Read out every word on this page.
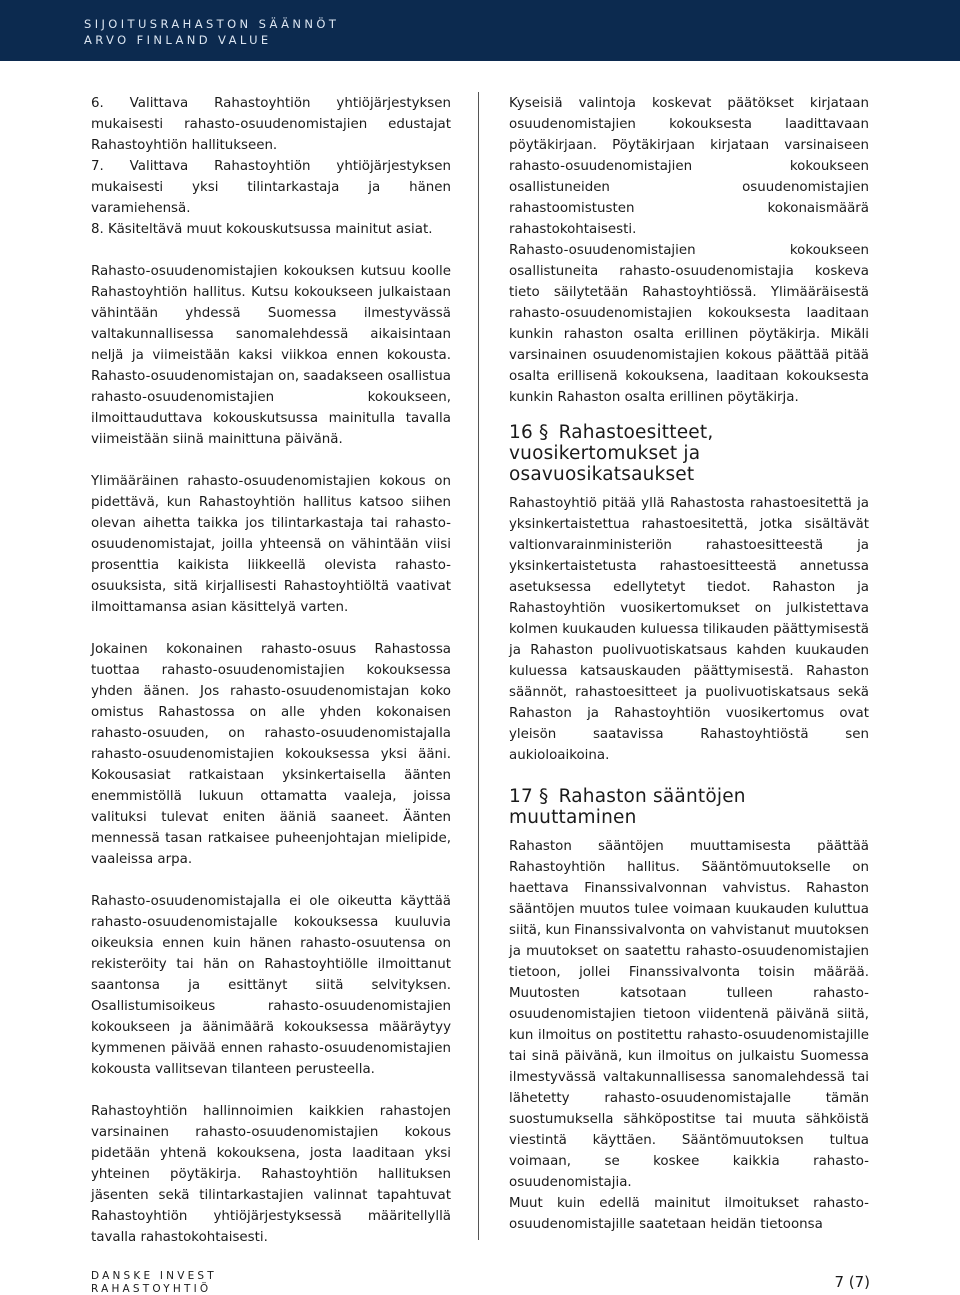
SIJOITUSRAHASTON SÄÄNNÖT
ARVO FINLAND VALUE

6. Valittava Rahastoyhtiön yhtiöjärjestyksen mukaisesti rahasto-osuudenomistajien edustajat Rahastoyhtiön hallitukseen.

7. Valittava Rahastoyhtiön yhtiöjärjestyksen mukaisesti yksi tilintarkastaja ja hänen varamiehensä.

8. Käsiteltävä muut kokouskutsussa mainitut asiat.

Rahasto-osuudenomistajien kokouksen kutsuu koolle Rahastoyhtiön hallitus. Kutsu kokoukseen julkaistaan vähintään yhdessä Suomessa ilmestyvässä valtakunnallisessa sanomalehdessä aikaisintaan neljä ja viimeistään kaksi viikkoa ennen kokousta. Rahasto-osuudenomistajan on, saadakseen osallistua rahasto-osuudenomistajien kokoukseen, ilmoittauduttava kokouskutsussa mainitulla tavalla viimeistään siinä mainittuna päivänä.

Ylimääräinen rahasto-osuudenomistajien kokous on pidettävä, kun Rahastoyhtiön hallitus katsoo siihen olevan aihetta taikka jos tilintarkastaja tai rahasto-osuudenomistajat, joilla yhteensä on vähintään viisi prosenttia kaikista liikkeellä olevista rahasto-osuuksista, sitä kirjallisesti Rahastoyhtiöltä vaativat ilmoittamansa asian käsittelyä varten.

Jokainen kokonainen rahasto-osuus Rahastossa tuottaa rahasto-osuudenomistajien kokouksessa yhden äänen. Jos rahasto-osuudenomistajan koko omistus Rahastossa on alle yhden kokonaisen rahasto-osuuden, on rahasto-osuudenomistajalla rahasto-osuudenomistajien kokouksessa yksi ääni. Kokousasiat ratkaistaan yksinkertaisella äänten enemmistöllä lukuun ottamatta vaaleja, joissa valituksi tulevat eniten ääniä saaneet. Äänten mennessä tasan ratkaisee puheenjohtajan mielipide, vaaleissa arpa.

Rahasto-osuudenomistajalla ei ole oikeutta käyttää rahasto-osuudenomistajalle kokouksessa kuuluvia oikeuksia ennen kuin hänen rahasto-osuutensa on rekisteröity tai hän on Rahastoyhtiölle ilmoittanut saantonsa ja esittänyt siitä selvityksen. Osallistumisoikeus rahasto-osuudenomistajien kokoukseen ja äänimäärä kokouksessa määräytyy kymmenen päivää ennen rahasto-osuudenomistajien kokousta vallitsevan tilanteen perusteella.

Rahastoyhtiön hallinnoimien kaikkien rahastojen varsinainen rahasto-osuudenomistajien kokous pidetään yhtenä kokouksena, josta laaditaan yksi yhteinen pöytäkirja. Rahastoyhtiön hallituksen jäsenten sekä tilintarkastajien valinnat tapahtuvat Rahastoyhtiön yhtiöjärjestyksessä määritellyllä tavalla rahastokohtaisesti.

Kyseisiä valintoja koskevat päätökset kirjataan osuudenomistajien kokouksesta laadittavaan pöytäkirjaan. Pöytäkirjaan kirjataan varsinaiseen rahasto-osuudenomistajien kokoukseen osallistuneiden osuudenomistajien rahastoomistusten kokonaismäärä rahastokohtaisesti.

Rahasto-osuudenomistajien kokoukseen osallistuneita rahasto-osuudenomistajia koskeva tieto säilytetään Rahastoyhtiössä. Ylimääräisestä rahasto-osuudenomistajien kokouksesta laaditaan kunkin rahaston osalta erillinen pöytäkirja. Mikäli varsinainen osuudenomistajien kokous päättää pitää osalta erillisenä kokouksena, laaditaan kokouksesta kunkin Rahaston osalta erillinen pöytäkirja.

16 § Rahastoesitteet, vuosikertomukset ja osavuosikatsaukset

Rahastoyhtiö pitää yllä Rahastosta rahastoesitettä ja yksinkertaistettua rahastoesitettä, jotka sisältävät valtionvarainministeriön rahastoesitteestä ja yksinkertaistetusta rahastoesitteestä annetussa asetuksessa edellytetyt tiedot. Rahaston ja Rahastoyhtiön vuosikertomukset on julkistettava kolmen kuukauden kuluessa tilikauden päättymisestä ja Rahaston puolivuotiskatsaus kahden kuukauden kuluessa katsauskauden päättymisestä. Rahaston säännöt, rahastoesitteet ja puolivuotiskatsaus sekä Rahaston ja Rahastoyhtiön vuosikertomus ovat yleisön saatavissa Rahastoyhtiöstä sen aukioloaikoina.

17 § Rahaston sääntöjen muuttaminen

Rahaston sääntöjen muuttamisesta päättää Rahastoyhtiön hallitus. Sääntömuutokselle on haettava Finanssivalvonnan vahvistus. Rahaston sääntöjen muutos tulee voimaan kuukauden kuluttua siitä, kun Finanssivalvonta on vahvistanut muutoksen ja muutokset on saatettu rahasto-osuudenomistajien tietoon, jollei Finanssivalvonta toisin määrää. Muutosten katsotaan tulleen rahasto-osuudenomistajien tietoon viidentenä päivänä siitä, kun ilmoitus on postitettu rahasto-osuudenomistajille tai sinä päivänä, kun ilmoitus on julkaistu Suomessa ilmestyvässä valtakunnallisessa sanomalehdessä tai lähetetty rahasto-osuudenomistajalle tämän suostumuksella sähköpostitse tai muuta sähköistä viestintä käyttäen. Sääntömuutoksen tultua voimaan, se koskee kaikkia rahasto-osuudenomistajia.

Muut kuin edellä mainitut ilmoitukset rahasto-osuudenomistajille saatetaan heidän tietoonsa

DANSKE INVEST
RAHASTOYHTIÖ	7 (7)
